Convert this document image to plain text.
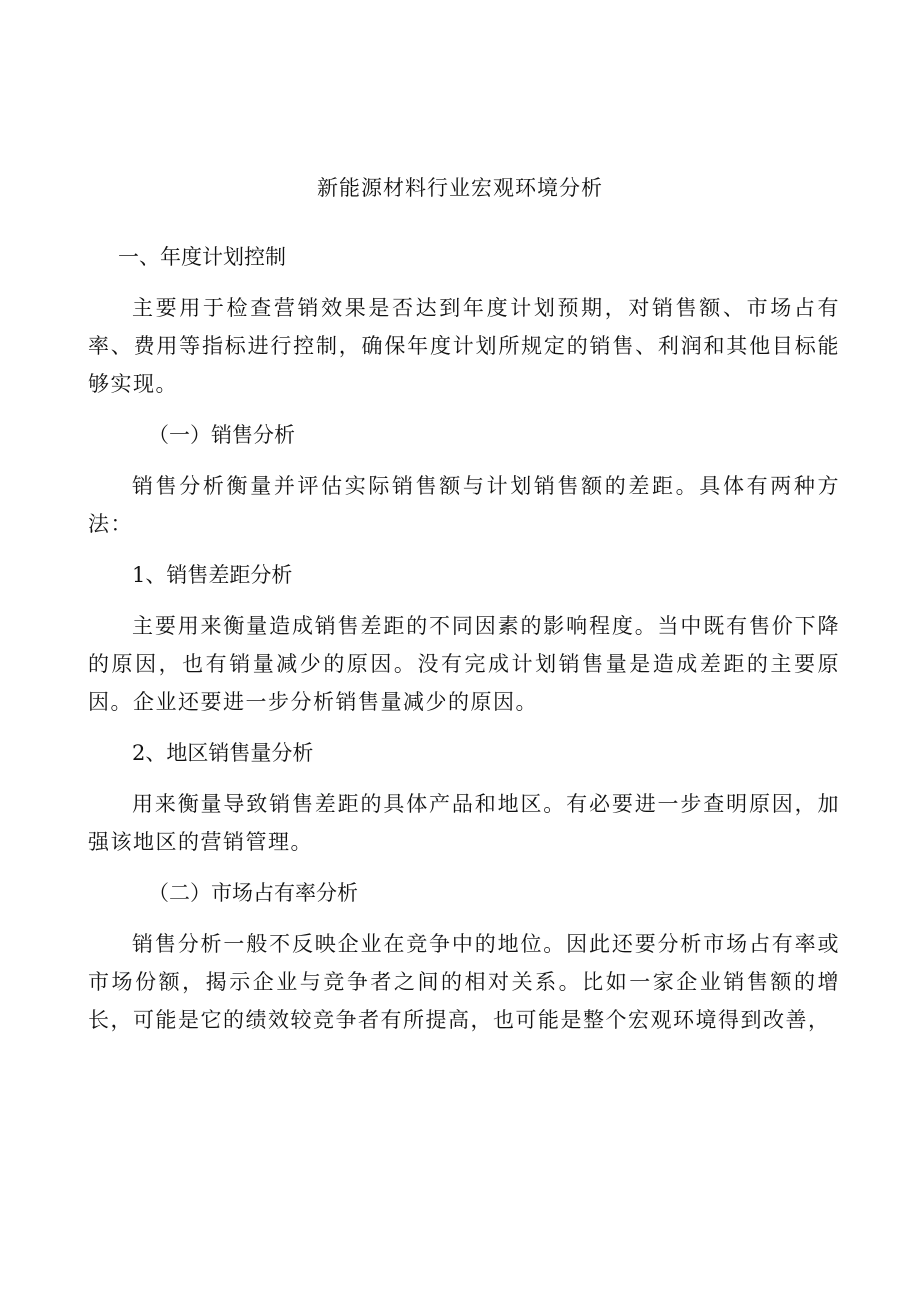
新能源材料行业宏观环境分析
一、年度计划控制
主要用于检查营销效果是否达到年度计划预期，对销售额、市场占有率、费用等指标进行控制，确保年度计划所规定的销售、利润和其他目标能够实现。
（一）销售分析
销售分析衡量并评估实际销售额与计划销售额的差距。具体有两种方法：
1、销售差距分析
主要用来衡量造成销售差距的不同因素的影响程度。当中既有售价下降的原因，也有销量减少的原因。没有完成计划销售量是造成差距的主要原因。企业还要进一步分析销售量减少的原因。
2、地区销售量分析
用来衡量导致销售差距的具体产品和地区。有必要进一步查明原因，加强该地区的营销管理。
（二）市场占有率分析
销售分析一般不反映企业在竞争中的地位。因此还要分析市场占有率或市场份额，揭示企业与竞争者之间的相对关系。比如一家企业销售额的增长，可能是它的绩效较竞争者有所提高，也可能是整个宏观环境得到改善，
